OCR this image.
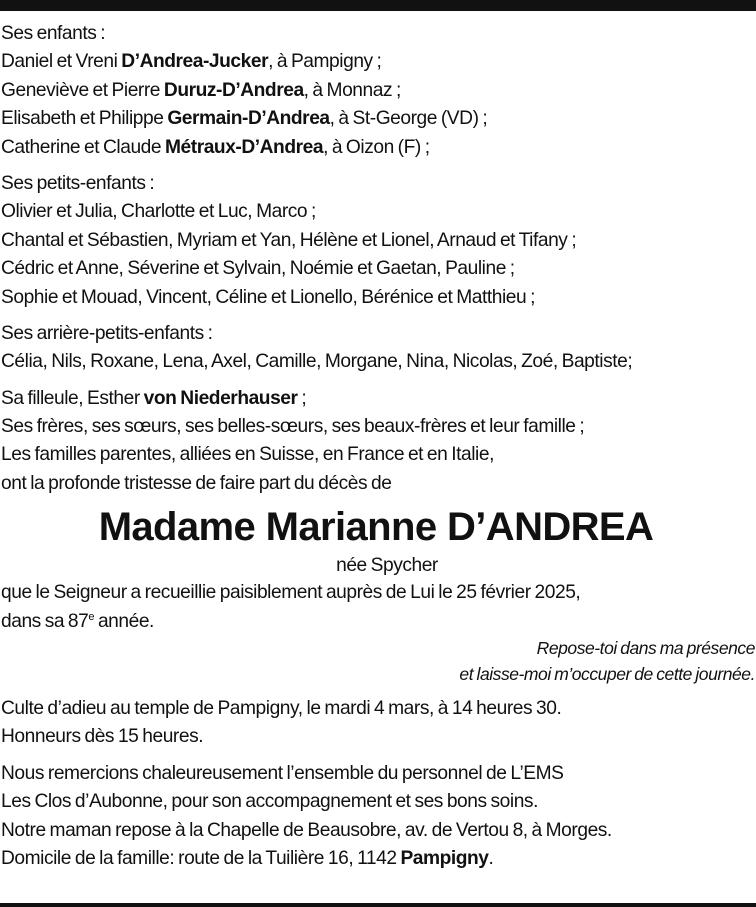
Ses enfants :
Daniel et Vreni D’Andrea-Jucker, à Pampigny ;
Geneviève et Pierre Duruz-D’Andrea, à Monnaz ;
Elisabeth et Philippe Germain-D’Andrea, à St-George (VD) ;
Catherine et Claude Métraux-D’Andrea, à Oizon (F) ;
Ses petits-enfants :
Olivier et Julia, Charlotte et Luc, Marco ;
Chantal et Sébastien, Myriam et Yan, Hélène et Lionel, Arnaud et Tifany ;
Cédric et Anne, Séverine et Sylvain, Noémie et Gaetan, Pauline ;
Sophie et Mouad, Vincent, Céline et Lionello, Bérénice et Matthieu ;
Ses arrière-petits-enfants :
Célia, Nils, Roxane, Lena, Axel, Camille, Morgane, Nina, Nicolas, Zoé, Baptiste;
Sa filleule, Esther von Niederhauser ;
Ses frères, ses sœurs, ses belles-sœurs, ses beaux-frères et leur famille ;
Les familles parentes, alliées en Suisse, en France et en Italie,
ont la profonde tristesse de faire part du décès de
Madame Marianne D’ANDREA
née Spycher
que le Seigneur a recueillie paisiblement auprès de Lui le 25 février 2025,
dans sa 87e année.
Repose-toi dans ma présence
et laisse-moi m’occuper de cette journée.
Culte d’adieu au temple de Pampigny, le mardi 4 mars, à 14 heures 30.
Honneurs dès 15 heures.
Nous remercions chaleureusement l’ensemble du personnel de L’EMS
Les Clos d’Aubonne, pour son accompagnement et ses bons soins.
Notre maman repose à la Chapelle de Beausobre, av. de Vertou 8, à Morges.
Domicile de la famille: route de la Tuilière 16, 1142 Pampigny.
